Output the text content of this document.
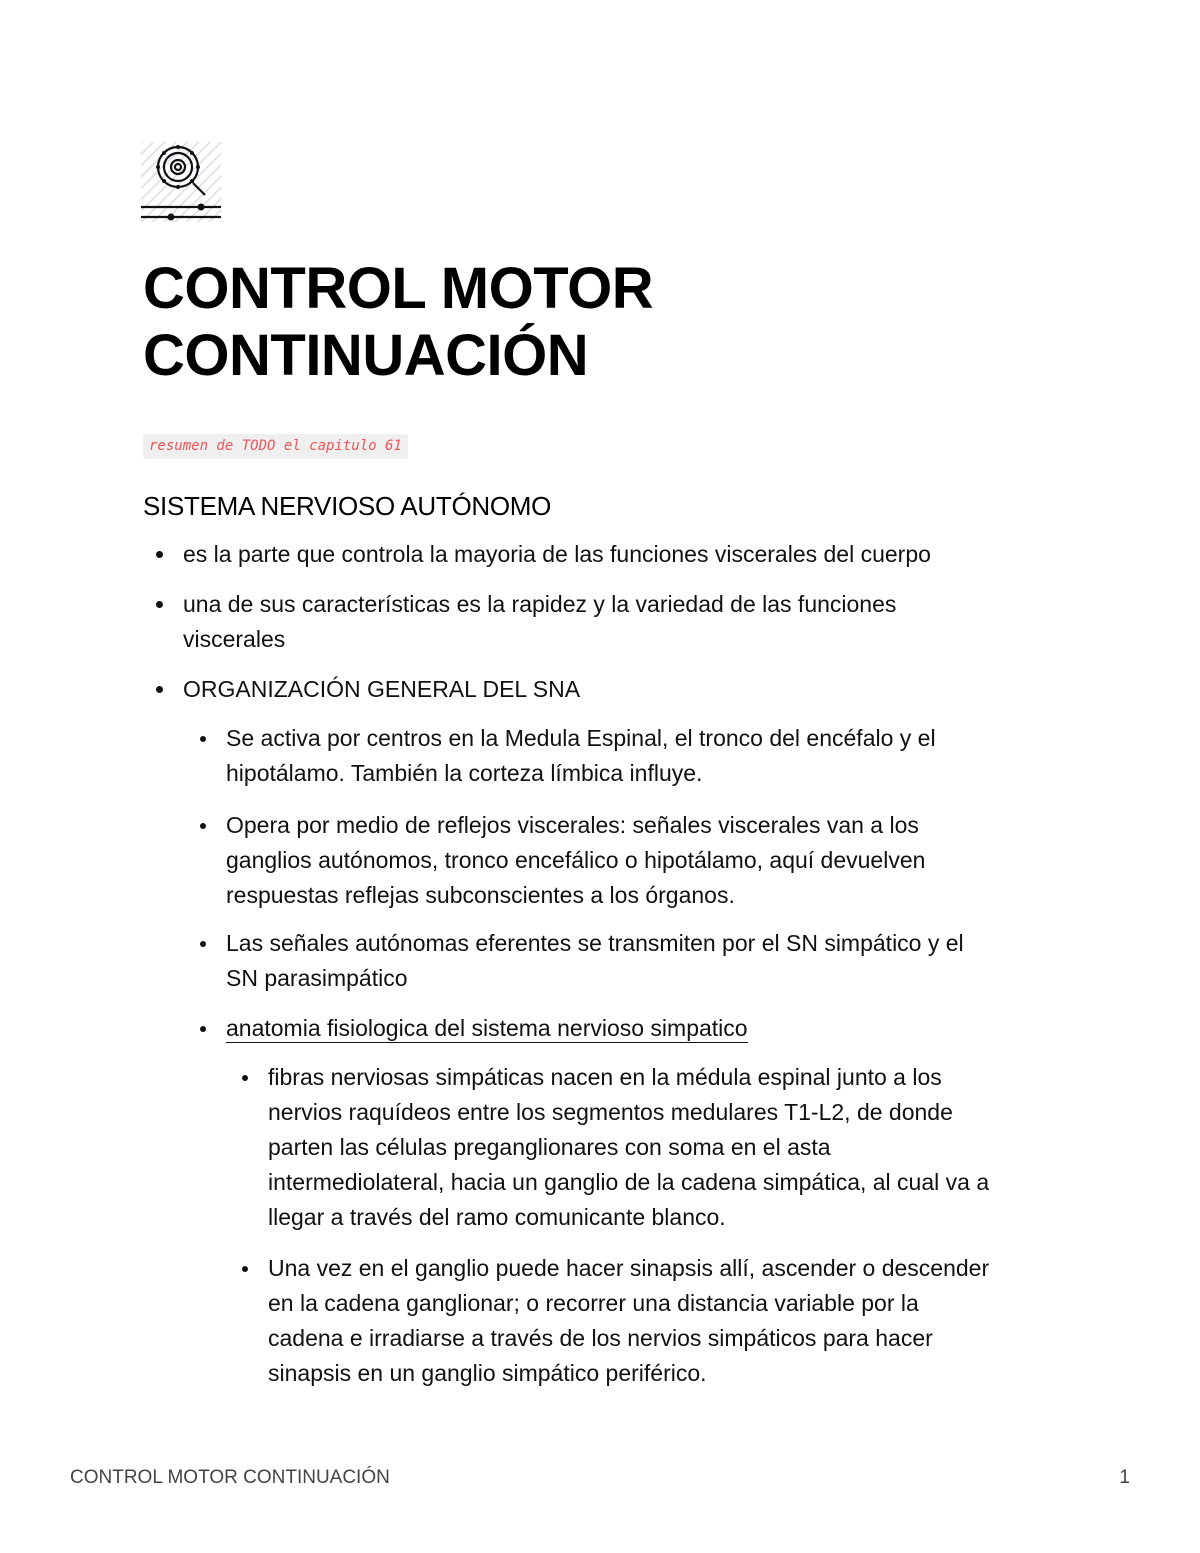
CONTROL MOTOR
CONTINUACIÓN
resumen de TODO el capitulo 61
SISTEMA NERVIOSO AUTÓNOMO
es la parte que controla la mayoria de las funciones viscerales del cuerpo
una de sus características es la rapidez y la variedad de las funciones
viscerales
ORGANIZACIÓN GENERAL DEL SNA
Se activa por centros en la Medula Espinal, el tronco del encéfalo y el
hipotálamo. También la corteza límbica influye.
Opera por medio de reflejos viscerales: señales viscerales van a los
ganglios autónomos, tronco encefálico o hipotálamo, aquí devuelven
respuestas reflejas subconscientes a los órganos.
Las señales autónomas eferentes se transmiten por el SN simpático y el
SN parasimpático
anatomia fisiologica del sistema nervioso simpatico
fibras nerviosas simpáticas nacen en la médula espinal junto a los
nervios raquídeos entre los segmentos medulares T1-L2, de donde
parten las células preganglionares con soma en el asta
intermediolateral, hacia un ganglio de la cadena simpática, al cual va a
llegar a través del ramo comunicante blanco.
Una vez en el ganglio puede hacer sinapsis allí, ascender o descender
en la cadena ganglionar; o recorrer una distancia variable por la
cadena e irradiarse a través de los nervios simpáticos para hacer
sinapsis en un ganglio simpático periférico.
CONTROL MOTOR CONTINUACIÓN	1
